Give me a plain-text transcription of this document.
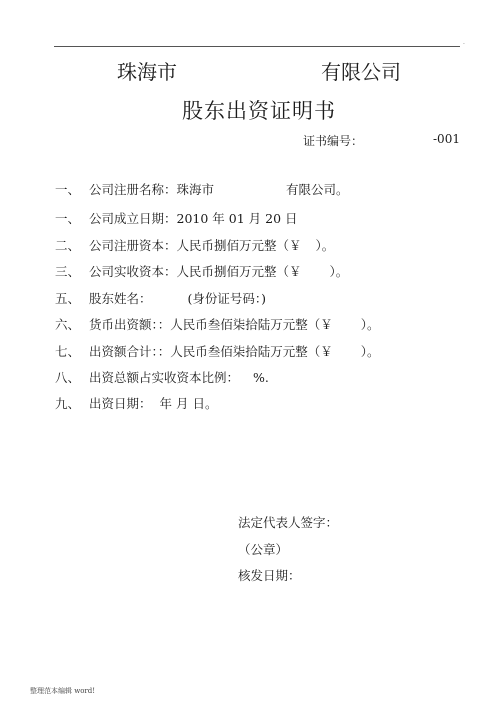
·
珠海市	有限公司
股东出资证明书
证书编号：	-001
一、 公司注册名称：珠海市	有限公司。
一、 公司成立日期：2010 年 01 月 20 日
二、 公司注册资本：人民币捌佰万元整（￥ ）。
三、 公司实收资本：人民币捌佰万元整（￥ ）。
五、 股东姓名：	(身份证号码：)
六、 货币出资额：：人民币叁佰柒拾陆万元整（￥ ）。
七、 出资额合计：：人民币叁佰柒拾陆万元整（￥ ）。
八、 出资总额占实收资本比例： %.
九、 出资日期： 年 月 日。
法定代表人签字：
（公章）
核发日期：
整理范本编辑 word!
